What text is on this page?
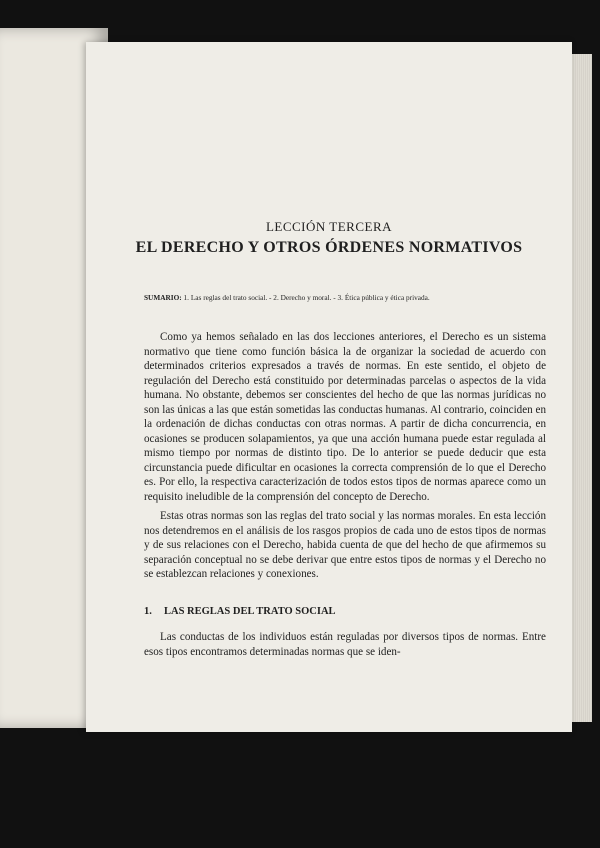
LECCIÓN TERCERA
EL DERECHO Y OTROS ÓRDENES NORMATIVOS
SUMARIO: 1. Las reglas del trato social. - 2. Derecho y moral. - 3. Ética pública y ética privada.

Como ya hemos señalado en las dos lecciones anteriores, el Derecho es un sistema normativo que tiene como función básica la de organizar la sociedad de acuerdo con determinados criterios expresados a través de normas. En este sentido, el objeto de regulación del Derecho está constituido por determinadas parcelas o aspectos de la vida humana. No obstante, debemos ser conscientes del hecho de que las normas jurídicas no son las únicas a las que están sometidas las conductas humanas. Al contrario, coinciden en la ordenación de dichas conductas con otras normas. A partir de dicha concurrencia, en ocasiones se producen solapamientos, ya que una acción humana puede estar regulada al mismo tiempo por normas de distinto tipo. De lo anterior se puede deducir que esta circunstancia puede dificultar en ocasiones la correcta comprensión de lo que el Derecho es. Por ello, la respectiva caracterización de todos estos tipos de normas aparece como un requisito ineludible de la comprensión del concepto de Derecho.

Estas otras normas son las reglas del trato social y las normas morales. En esta lección nos detendremos en el análisis de los rasgos propios de cada uno de estos tipos de normas y de sus relaciones con el Derecho, habida cuenta de que del hecho de que afirmemos su separación conceptual no se debe derivar que entre estos tipos de normas y el Derecho no se establezcan relaciones y conexiones.

1. LAS REGLAS DEL TRATO SOCIAL

Las conductas de los individuos están reguladas por diversos tipos de normas. Entre esos tipos encontramos determinadas normas que se iden-
